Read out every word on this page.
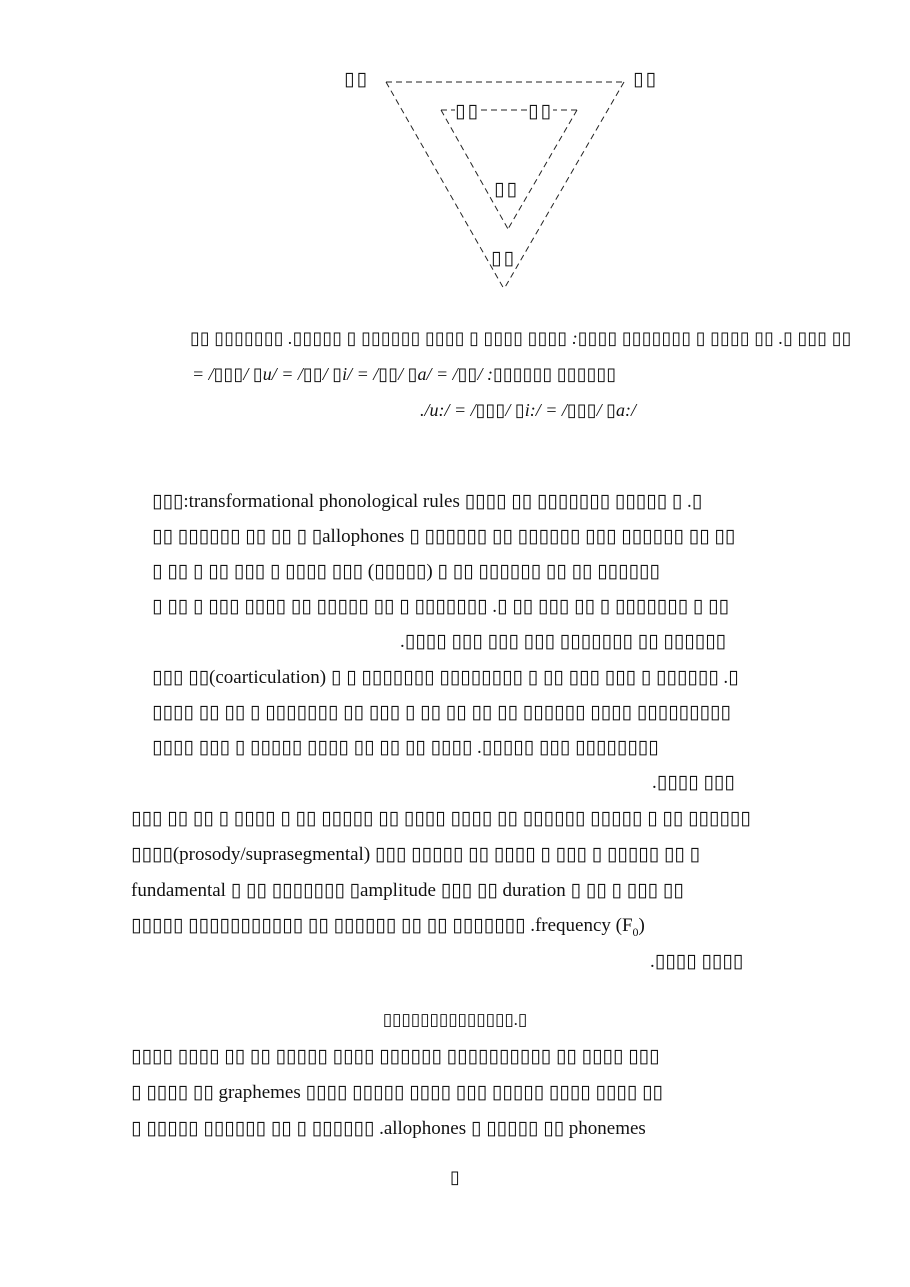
▯▯	▯▯
▯▯	▯▯
▯▯
▯▯
▯▯ ▯▯▯▯▯▯▯ .▯▯▯▯▯ ▯ ▯▯▯▯▯▯ ▯▯▯▯ ▯ ▯▯▯▯ ▯▯▯▯ :▯▯▯▯ ▯▯▯▯▯▯▯ ▯ ▯▯▯▯ ▯▯ .▯ ▯▯▯ ▯▯
= /▯▯▯/ ▯u/ = /▯▯/ ▯i/ = /▯▯/ ▯a/ = /▯▯/ :▯▯▯▯▯▯ ▯▯▯▯▯▯
./u:/ = /▯▯▯/ ▯i:/ = /▯▯▯/ ▯a:/
▯▯▯:transformational phonological rules ▯▯▯▯ ▯▯ ▯▯▯▯▯▯▯ ▯▯▯▯▯ ▯ .▯
▯▯ ▯▯▯▯▯▯ ▯▯ ▯▯ ▯ ▯allophones ▯ ▯▯▯▯▯▯ ▯▯ ▯▯▯▯▯▯ ▯▯▯ ▯▯▯▯▯▯ ▯▯ ▯▯
▯ ▯▯ ▯ ▯▯ ▯▯▯ ▯ ▯▯▯▯ ▯▯▯ (▯▯▯▯▯) ▯ ▯▯ ▯▯▯▯▯▯ ▯▯ ▯▯ ▯▯▯▯▯▯
▯ ▯▯ ▯ ▯▯▯ ▯▯▯▯ ▯▯ ▯▯▯▯▯ ▯▯ ▯ ▯▯▯▯▯▯▯ .▯ ▯▯ ▯▯▯ ▯▯ ▯ ▯▯▯▯▯▯▯ ▯ ▯▯
.▯▯▯▯ ▯▯▯ ▯▯▯ ▯▯▯ ▯▯▯▯▯▯▯ ▯▯ ▯▯▯▯▯▯
▯▯▯ ▯▯(coarticulation) ▯ ▯ ▯▯▯▯▯▯▯ ▯▯▯▯▯▯▯▯ ▯ ▯▯ ▯▯▯ ▯▯▯ ▯ ▯▯▯▯▯▯ .▯
▯▯▯▯ ▯▯ ▯▯ ▯ ▯▯▯▯▯▯▯ ▯▯ ▯▯▯ ▯ ▯▯ ▯▯ ▯▯ ▯▯ ▯▯▯▯▯▯ ▯▯▯▯ ▯▯▯▯▯▯▯▯▯
▯▯▯▯ ▯▯▯ ▯ ▯▯▯▯▯ ▯▯▯▯ ▯▯ ▯▯ ▯▯ ▯▯▯▯ .▯▯▯▯▯ ▯▯▯ ▯▯▯▯▯▯▯▯
.▯▯▯▯ ▯▯▯
▯▯▯ ▯▯ ▯▯ ▯ ▯▯▯▯ ▯ ▯▯ ▯▯▯▯▯ ▯▯ ▯▯▯▯ ▯▯▯▯ ▯▯ ▯▯▯▯▯▯ ▯▯▯▯▯ ▯ ▯▯ ▯▯▯▯▯▯
▯▯▯▯(prosody/suprasegmental) ▯▯▯ ▯▯▯▯▯ ▯▯ ▯▯▯▯ ▯ ▯▯▯ ▯ ▯▯▯▯▯ ▯▯ ▯
fundamental ▯ ▯▯ ▯▯▯▯▯▯▯ ▯amplitude ▯▯▯ ▯▯ duration ▯ ▯▯ ▯ ▯▯▯ ▯▯
▯▯▯▯▯ ▯▯▯▯▯▯▯▯▯▯▯ ▯▯ ▯▯▯▯▯▯ ▯▯ ▯▯ ▯▯▯▯▯▯▯ .frequency $(F_0)$
.▯▯▯▯ ▯▯▯▯
▯▯▯▯▯▯▯▯▯▯▯▯▯▯.▯
▯▯▯▯ ▯▯▯▯ ▯▯ ▯▯ ▯▯▯▯▯ ▯▯▯▯ ▯▯▯▯▯▯ ▯▯▯▯▯▯▯▯▯▯ ▯▯ ▯▯▯▯ ▯▯▯
▯ ▯▯▯▯ ▯▯ graphemes ▯▯▯▯ ▯▯▯▯▯ ▯▯▯▯ ▯▯▯ ▯▯▯▯▯ ▯▯▯▯ ▯▯▯▯ ▯▯
▯ ▯▯▯▯▯ ▯▯▯▯▯▯ ▯▯ ▯ ▯▯▯▯▯▯ .allophones ▯ ▯▯▯▯▯ ▯▯ phonemes
▯
